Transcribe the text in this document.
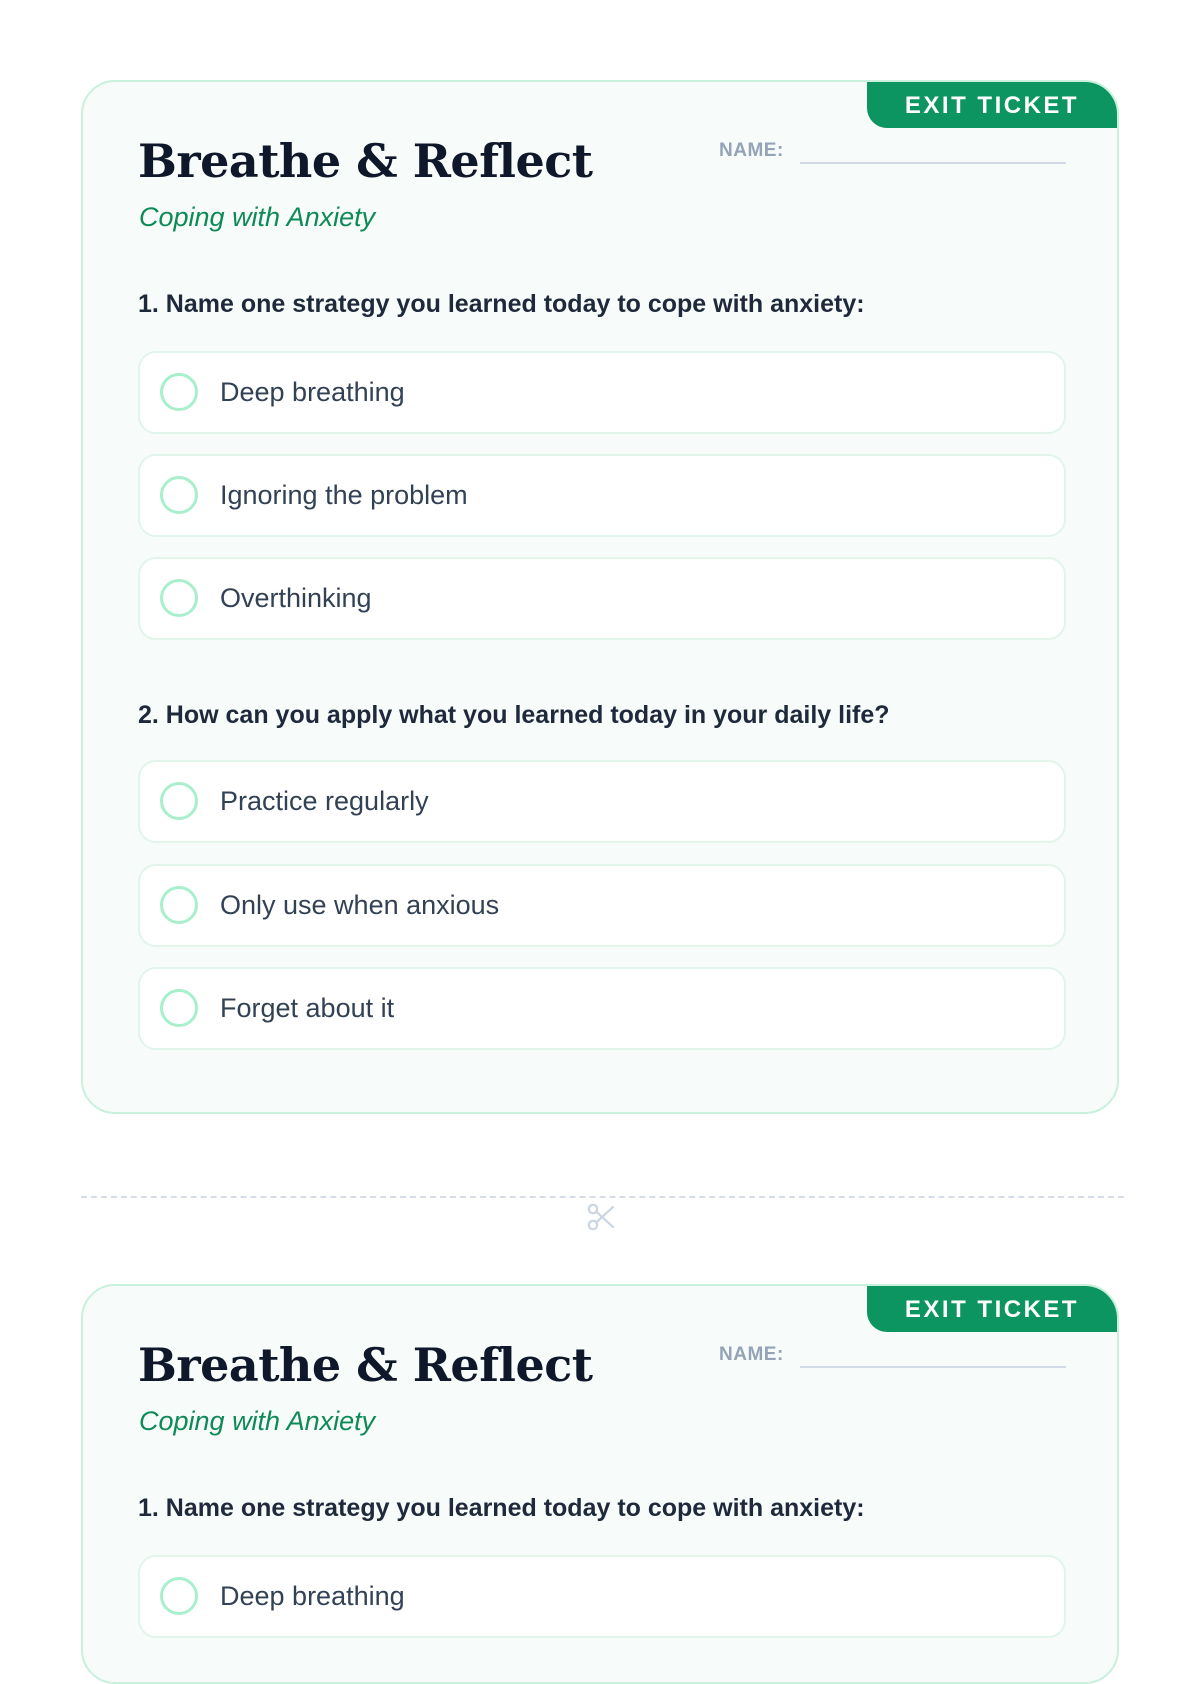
EXIT TICKET
Breathe & Reflect
Coping with Anxiety
NAME:
1. Name one strategy you learned today to cope with anxiety:
Deep breathing
Ignoring the problem
Overthinking
2. How can you apply what you learned today in your daily life?
Practice regularly
Only use when anxious
Forget about it
EXIT TICKET
Breathe & Reflect
Coping with Anxiety
NAME:
1. Name one strategy you learned today to cope with anxiety:
Deep breathing
